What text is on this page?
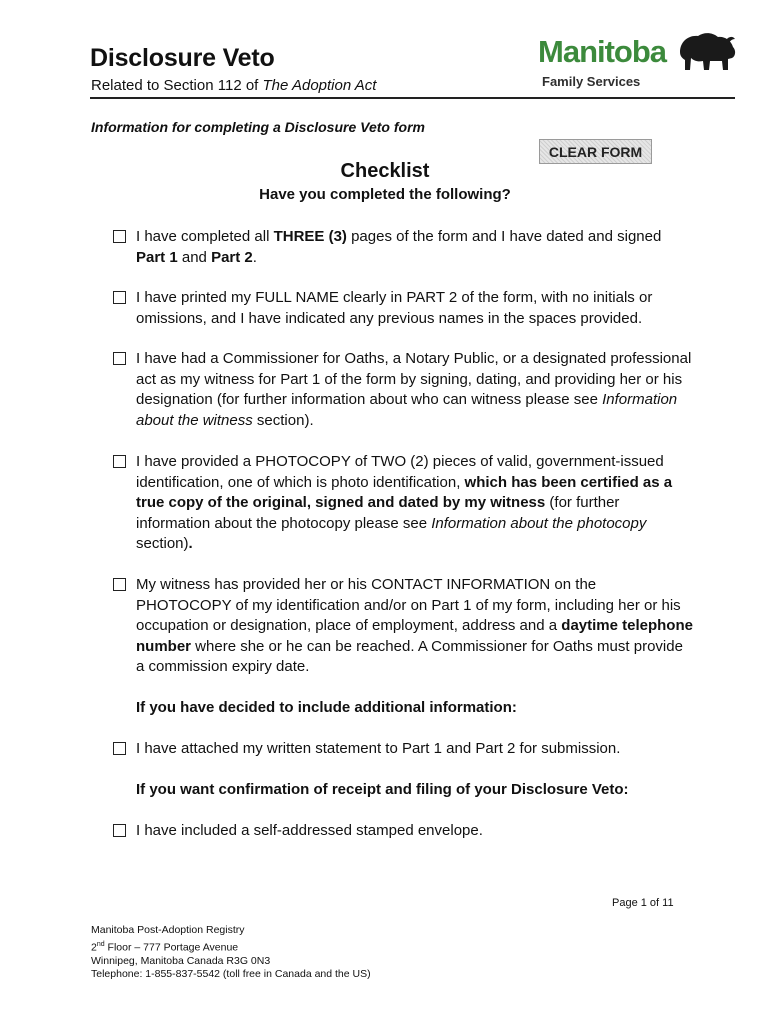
Disclosure Veto
Related to Section 112 of The Adoption Act
Manitoba
Family Services
Information for completing a Disclosure Veto form
CLEAR FORM
Checklist
Have you completed the following?
I have completed all THREE (3) pages of the form and I have dated and signed Part 1 and Part 2.
I have printed my FULL NAME clearly in PART 2 of the form, with no initials or omissions, and I have indicated any previous names in the spaces provided.
I have had a Commissioner for Oaths, a Notary Public, or a designated professional act as my witness for Part 1 of the form by signing, dating, and providing her or his designation (for further information about who can witness please see Information about the witness section).
I have provided a PHOTOCOPY of TWO (2) pieces of valid, government-issued identification, one of which is photo identification, which has been certified as a true copy of the original, signed and dated by my witness (for further information about the photocopy please see Information about the photocopy section).
My witness has provided her or his CONTACT INFORMATION on the PHOTOCOPY of my identification and/or on Part 1 of my form, including her or his occupation or designation, place of employment, address and a daytime telephone number where she or he can be reached. A Commissioner for Oaths must provide a commission expiry date.
If you have decided to include additional information:
I have attached my written statement to Part 1 and Part 2 for submission.
If you want confirmation of receipt and filing of your Disclosure Veto:
I have included a self-addressed stamped envelope.
Page 1 of 11
Manitoba Post-Adoption Registry
2nd Floor – 777 Portage Avenue
Winnipeg, Manitoba Canada R3G 0N3
Telephone: 1-855-837-5542 (toll free in Canada and the US)
